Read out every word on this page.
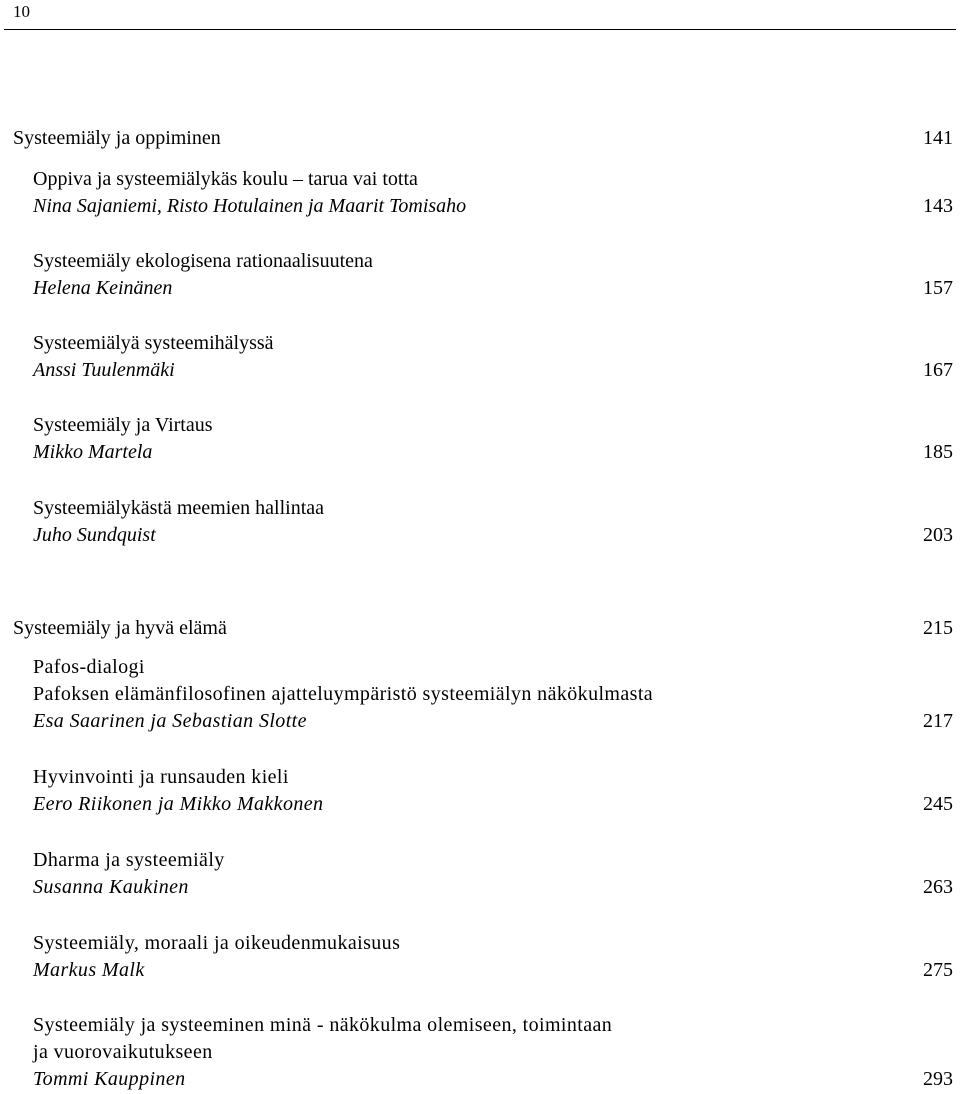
10
Systeemiäly ja oppiminen	141
Oppiva ja systeemiälykäs koulu – tarua vai totta
Nina Sajaniemi, Risto Hotulainen ja Maarit Tomisaho	143
Systeemiäly ekologisena rationaalisuutena
Helena Keinänen	157
Systeemiälyä systeemihälyssä
Anssi Tuulenmäki	167
Systeemiäly ja Virtaus
Mikko Martela	185
Systeemiälykästä meemien hallintaa
Juho Sundquist	203
Systeemiäly ja hyvä elämä	215
Pafos-dialogi
Pafoksen elämänfilosofinen ajatteluympäristö systeemiälyn näkökulmasta
Esa Saarinen ja Sebastian Slotte	217
Hyvinvointi ja runsauden kieli
Eero Riikonen ja Mikko Makkonen	245
Dharma ja systeemiäly
Susanna Kaukinen	263
Systeemiäly, moraali ja oikeudenmukaisuus
Markus Malk	275
Systeemiäly ja systeeminen minä - näkökulma olemiseen, toimintaan
ja vuorovaikutukseen
Tommi Kauppinen	293
